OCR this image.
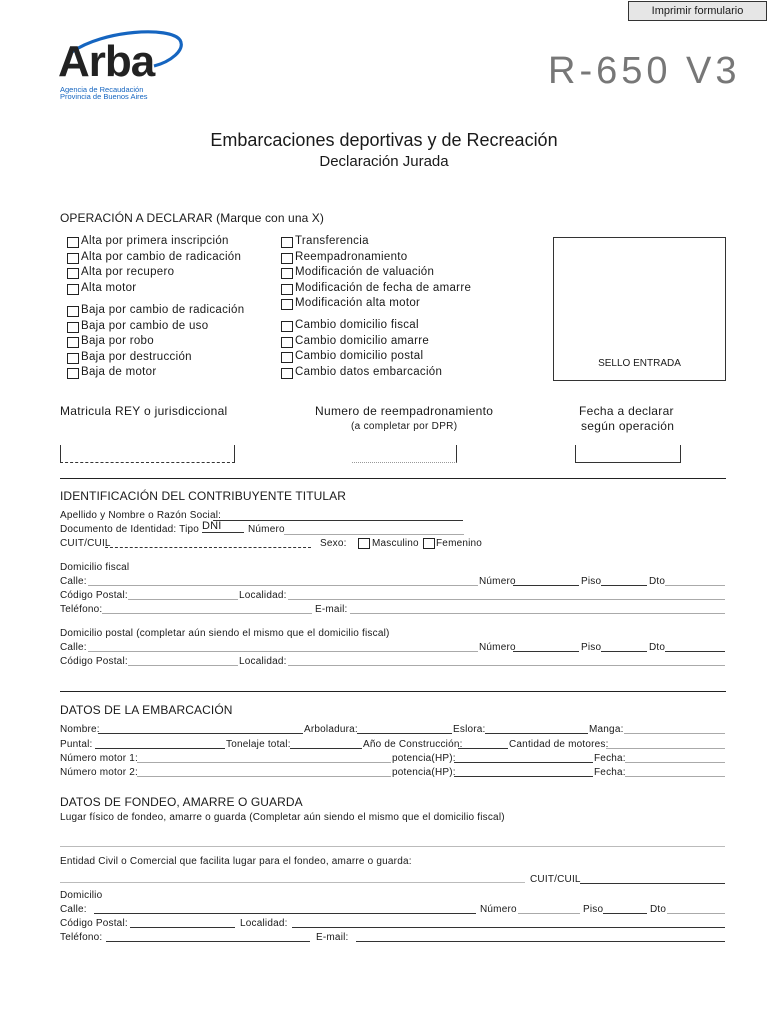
Imprimir formulario
Arba
Agencia de Recaudación
Provincia de Buenos Aires
R-650 V3
Embarcaciones deportivas y de Recreación
Declaración Jurada
OPERACIÓN A DECLARAR (Marque con una X)
Alta por primera inscripción
Alta por cambio de radicación
Alta por recupero
Alta motor
Baja por cambio de radicación
Baja por cambio de uso
Baja por robo
Baja por destrucción
Baja de motor
Transferencia
Reempadronamiento
Modificación de valuación
Modificación de fecha de amarre
Modificación alta motor
Cambio domicilio fiscal
Cambio domicilio amarre
Cambio domicilio postal
Cambio datos embarcación
SELLO ENTRADA
Matricula REY o jurisdiccional	Numero de reempadronamiento
(a completar por DPR)
Fecha a declarar
según operación
IDENTIFICACIÓN DEL CONTRIBUYENTE TITULAR
Apellido y Nombre o Razón Social:
Documento de Identidad: Tipo DNI	Número
CUIT/CUIL	Sexo:	Masculino Femenino
Domicilio fiscal
Calle:	Número	Piso	Dto
Código Postal:	Localidad:
Teléfono:	E-mail:
Domicilio postal (completar aún siendo el mismo que el domicilio fiscal)
Calle:	Número	Piso	Dto
Código Postal:	Localidad:
DATOS DE LA EMBARCACIÓN
Nombre:	Arboladura:	Eslora:	Manga:
Puntal:	Tonelaje total:	Año de Construcción:	Cantidad de motores:
Número motor 1:	potencia(HP):	Fecha:
Número motor 2:	potencia(HP):	Fecha:
DATOS DE FONDEO, AMARRE O GUARDA
Lugar físico de fondeo, amarre o guarda (Completar aún siendo el mismo que el domicilio fiscal)
Entidad Civil o Comercial que facilita lugar para el fondeo, amarre o guarda:
CUIT/CUIL
Domicilio
Calle:	Número	Piso	Dto
Código Postal:	Localidad:
Teléfono:	E-mail:
